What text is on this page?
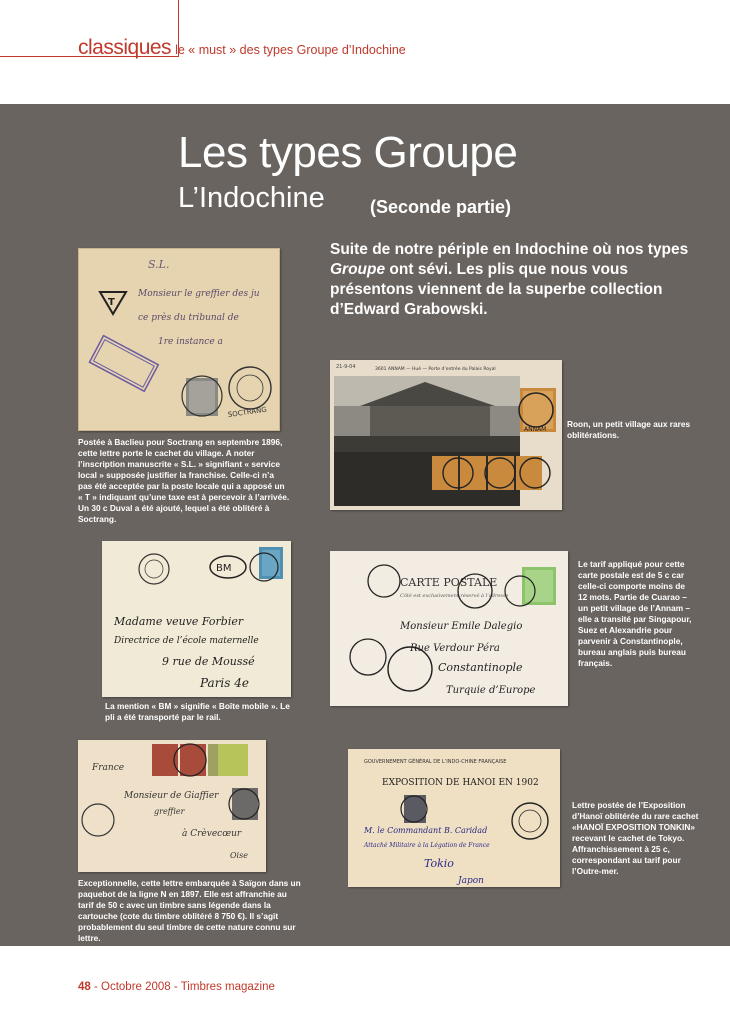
classiques le « must » des types Groupe d’Indochine
Les types Groupe
L’Indochine	(Seconde partie)
Suite de notre périple en Indochine où nos types Groupe ont sévi. Les plis que nous vous présentons viennent de la superbe collection d’Edward Grabowski.
S.L.
Monsieur le greffier des ju
ce près du tribunal de
1re instance a
T
SOCTRANG
Postée à Baclieu pour Soctrang en septembre 1896, cette lettre porte le cachet du village. A noter l’inscription manuscrite « S.L. » signifiant « service local » supposée justifier la franchise. Celle-ci n’a pas été acceptée par la poste locale qui a apposé un « T » indiquant qu’une taxe est à percevoir à l’arrivée. Un 30 c Duval a été ajouté, lequel a été oblitéré à Soctrang.
21-9-04	3601 ANNAM — Hué — Porte d’entrée du Palais Royal
ANNAM
Roon, un petit village aux rares oblitérations.
BM
Madame veuve Forbier
Directrice de l’école maternelle
9 rue de Moussé
Paris 4e
La mention « BM » signifie « Boîte mobile ». Le pli a été transporté par le rail.
CARTE POSTALE
Côté est exclusivement réservé à l’adresse
Monsieur Emile Dalegio
Rue Verdour Péra
Constantinople
Turquie d’Europe
Le tarif appliqué pour cette carte postale est de 5 c car celle-ci comporte moins de 12 mots. Partie de Cuarao – un petit village de l’Annam – elle a transité par Singapour, Suez et Alexandrie pour parvenir à Constantinople, bureau anglais puis bureau français.
France
Monsieur de Giaffier
greffier
à Crèvecœur
Oise
Exceptionnelle, cette lettre embarquée à Saïgon dans un paquebot de la ligne N en 1897. Elle est affranchie au tarif de 50 c avec un timbre sans légende dans la cartouche (cote du timbre oblitéré 8 750 €). Il s’agit probablement du seul timbre de cette nature connu sur lettre.
GOUVERNEMENT GÉNÉRAL DE L’INDO-CHINE FRANÇAISE
EXPOSITION DE HANOI EN 1902
M. le Commandant B. Caridad
Attaché Militaire à la Légation de France
Tokio
Japon
Lettre postée de l’Exposition d’Hanoï oblitérée du rare cachet «HANOÏ EXPOSITION TONKIN» recevant le cachet de Tokyo. Affranchissement à 25 c, correspondant au tarif pour l’Outre-mer.
48 - Octobre 2008 - Timbres magazine
